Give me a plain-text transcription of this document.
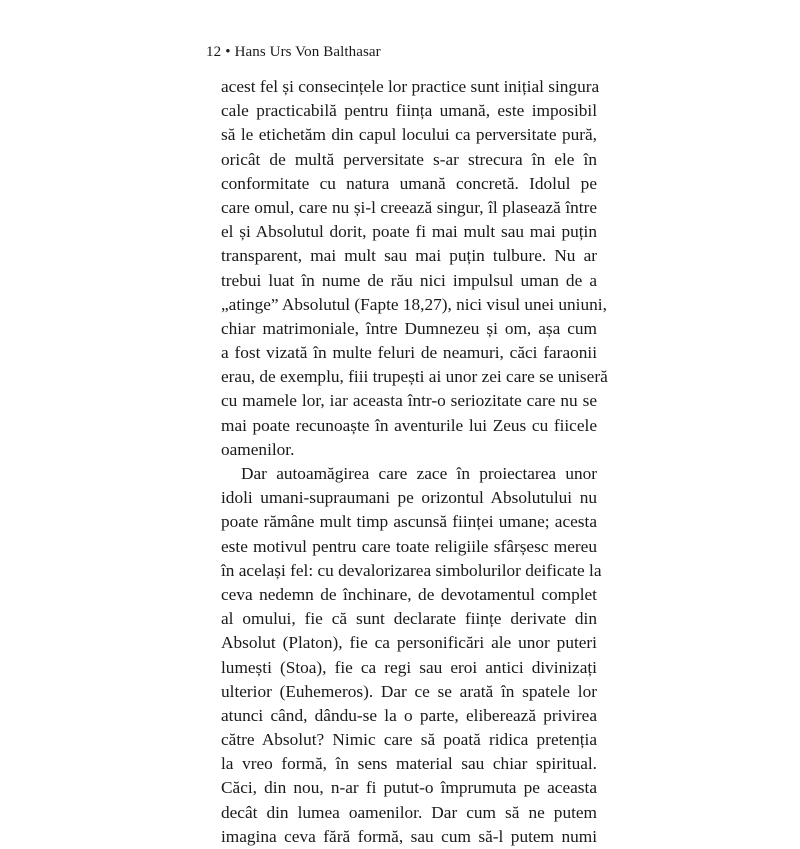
12 • Hans Urs Von Balthasar
acest fel și consecințele lor practice sunt inițial singura
cale practicabilă pentru ființa umană, este imposibil
să le etichetăm din capul locului ca perversitate pură,
oricât de multă perversitate s-ar strecura în ele în
conformitate cu natura umană concretă. Idolul pe
care omul, care nu și-l creează singur, îl plasează între
el și Absolutul dorit, poate fi mai mult sau mai puțin
transparent, mai mult sau mai puțin tulbure. Nu ar
trebui luat în nume de rău nici impulsul uman de a
„atinge” Absolutul (Fapte 18,27), nici visul unei uniuni,
chiar matrimoniale, între Dumnezeu și om, așa cum
a fost vizată în multe feluri de neamuri, căci faraonii
erau, de exemplu, fiii trupești ai unor zei care se uniseră
cu mamele lor, iar aceasta într-o seriozitate care nu se
mai poate recunoaște în aventurile lui Zeus cu fiicele
oamenilor.
Dar autoamăgirea care zace în proiectarea unor
idoli umani-supraumani pe orizontul Absolutului nu
poate rămâne mult timp ascunsă ființei umane; acesta
este motivul pentru care toate religiile sfârșesc mereu
în același fel: cu devalorizarea simbolurilor deificate la
ceva nedemn de închinare, de devotamentul complet
al omului, fie că sunt declarate ființe derivate din
Absolut (Platon), fie ca personificări ale unor puteri
lumești (Stoa), fie ca regi sau eroi antici divinizați
ulterior (Euhemeros). Dar ce se arată în spatele lor
atunci când, dându-se la o parte, eliberează privirea
către Absolut? Nimic care să poată ridica pretenția
la vreo formă, în sens material sau chiar spiritual.
Căci, din nou, n-ar fi putut-o împrumuta pe aceasta
decât din lumea oamenilor. Dar cum să ne putem
imagina ceva fără formă, sau cum să-l putem numi
